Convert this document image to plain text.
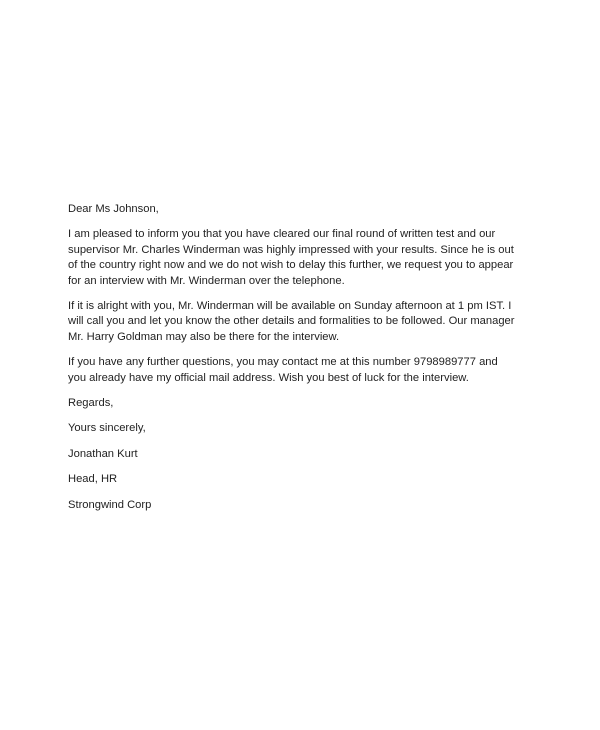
Dear Ms Johnson,
I am pleased to inform you that you have cleared our final round of written test and our
supervisor Mr. Charles Winderman was highly impressed with your results. Since he is out
of the country right now and we do not wish to delay this further, we request you to appear
for an interview with Mr. Winderman over the telephone.
If it is alright with you, Mr. Winderman will be available on Sunday afternoon at 1 pm IST. I
will call you and let you know the other details and formalities to be followed. Our manager
Mr. Harry Goldman may also be there for the interview.
If you have any further questions, you may contact me at this number 9798989777 and
you already have my official mail address. Wish you best of luck for the interview.
Regards,
Yours sincerely,
Jonathan Kurt
Head, HR
Strongwind Corp
